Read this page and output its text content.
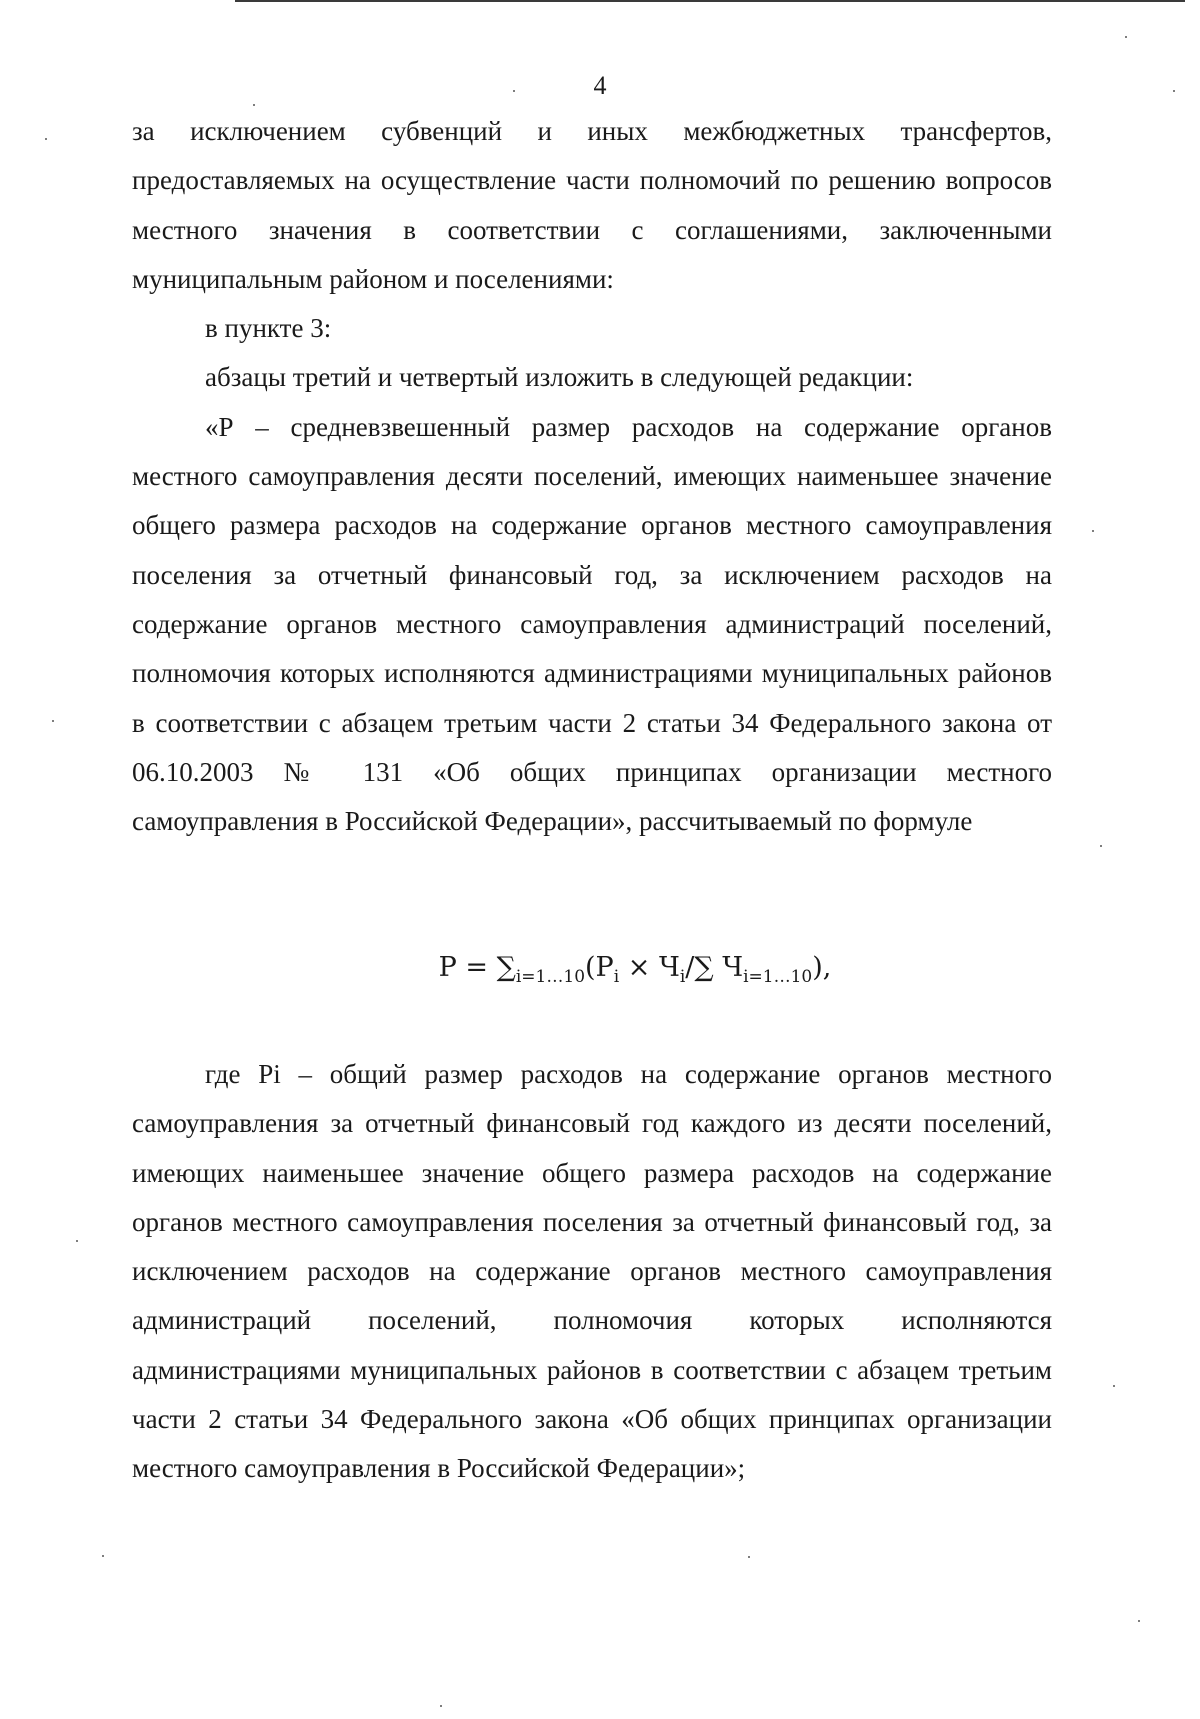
4

за исключением субвенций и иных межбюджетных трансфертов, предоставляемых на осуществление части полномочий по решению вопросов местного значения в соответствии с соглашениями, заключенными муниципальным районом и поселениями:

в пункте 3:

абзацы третий и четвертый изложить в следующей редакции:

«Р – средневзвешенный размер расходов на содержание органов местного самоуправления десяти поселений, имеющих наименьшее значение общего размера расходов на содержание органов местного самоуправления поселения за отчетный финансовый год, за исключением расходов на содержание органов местного самоуправления администраций поселений, полномочия которых исполняются администрациями муниципальных районов в соответствии с абзацем третьим части 2 статьи 34 Федерального закона от 06.10.2003 № 131 «Об общих принципах организации местного самоуправления в Российской Федерации», рассчитываемый по формуле

$P = \sum_{i=1\dots 10}(P_i \times Ч_i/\sum$ $Ч_{i=1\dots 10}$),

где Pi – общий размер расходов на содержание органов местного самоуправления за отчетный финансовый год каждого из десяти поселений, имеющих наименьшее значение общего размера расходов на содержание органов местного самоуправления поселения за отчетный финансовый год, за исключением расходов на содержание органов местного самоуправления администраций поселений, полномочия которых исполняются администрациями муниципальных районов в соответствии с абзацем третьим части 2 статьи 34 Федерального закона «Об общих принципах организации местного самоуправления в Российской Федерации»;
